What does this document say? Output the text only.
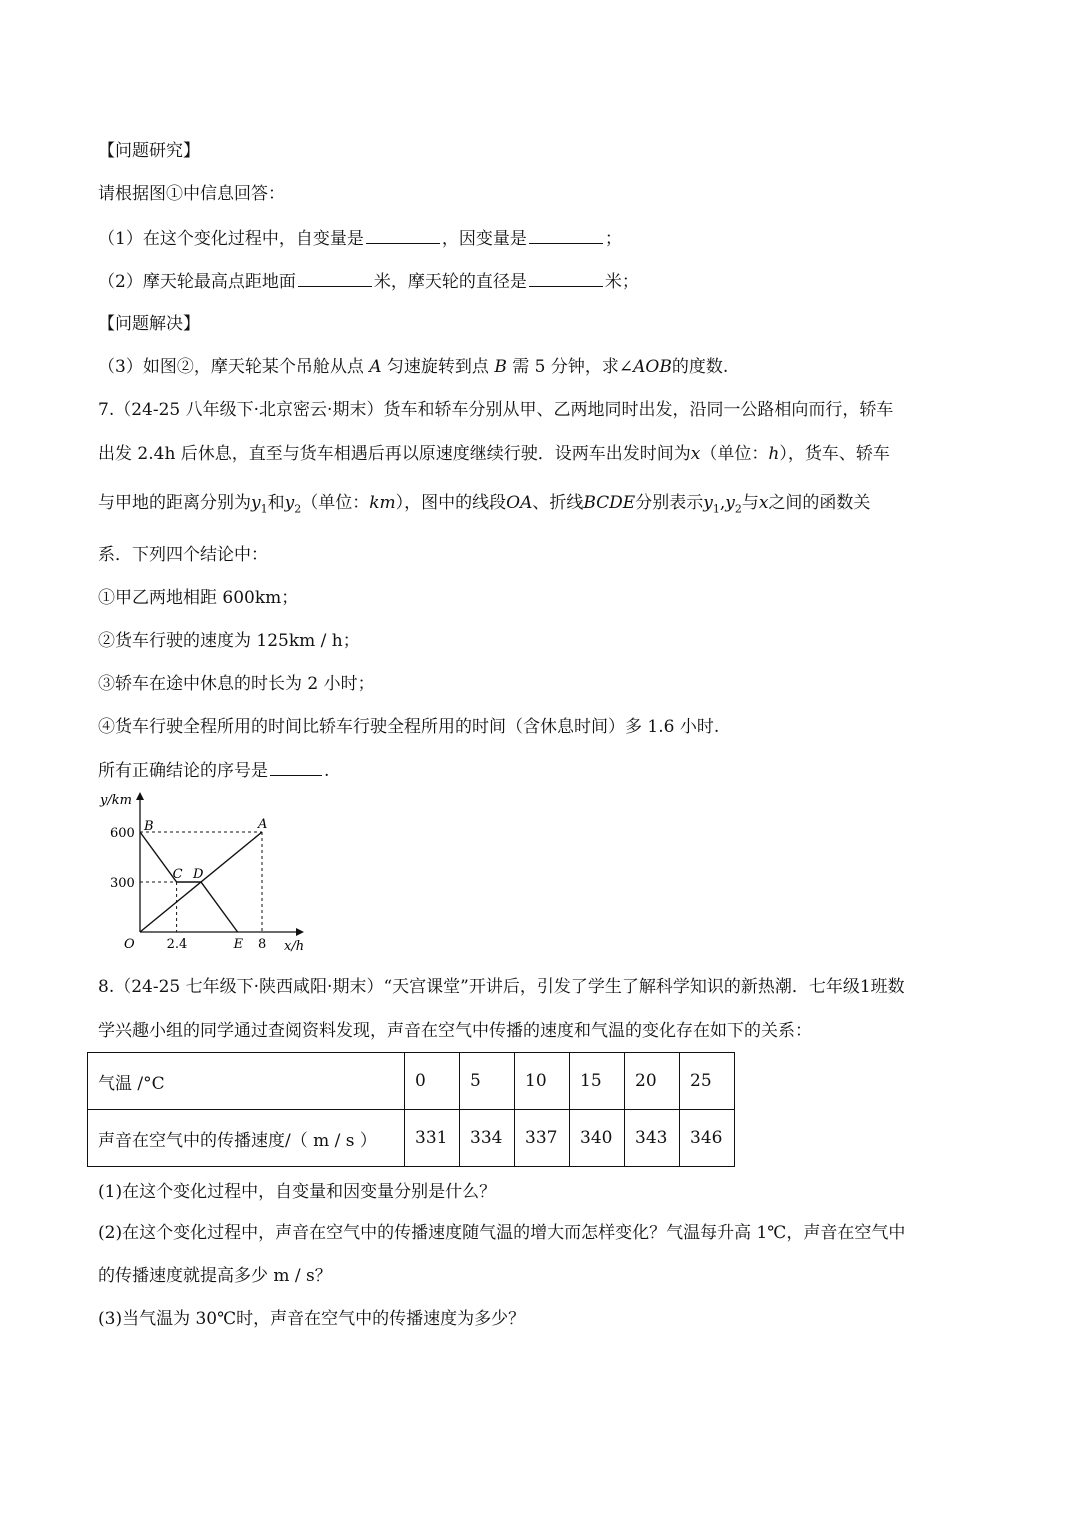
【问题研究】
请根据图①中信息回答：
（1）在这个变化过程中，自变量是	，因变量是	；
（2）摩天轮最高点距地面	米，摩天轮的直径是	米；
【问题解决】
（3）如图②，摩天轮某个吊舱从点 A 匀速旋转到点 B 需 5 分钟，求∠AOB的度数.
7.（24-25 八年级下·北京密云·期末）货车和轿车分别从甲、乙两地同时出发，沿同一公路相向而行，轿车
出发 2.4h 后休息，直至与货车相遇后再以原速度继续行驶．设两车出发时间为x（单位：h），货车、轿车
与甲地的距离分别为$y_1$和$y_2$（单位：km），图中的线段OA、折线BCDE分别表示$y_1,y_2$与x之间的函数关
系．下列四个结论中：
①甲乙两地相距 600km；
②货车行驶的速度为 125km / h；
③轿车在途中休息的时长为 2 小时；
④货车行驶全程所用的时间比轿车行驶全程所用的时间（含休息时间）多 1.6 小时.
所有正确结论的序号是	.
600
300
2.4	8
B	A
C D
E
y/km
x/h
O
8.（24-25 七年级下·陕西咸阳·期末）“天宫课堂”开讲后，引发了学生了解科学知识的新热潮．七年级1班数
学兴趣小组的同学通过查阅资料发现，声音在空气中传播的速度和气温的变化存在如下的关系：
气温 /°C	0	5	10	15	20	25
声音在空气中的传播速度/（ m / s ）	331	334	337	340	343	346
(1)在这个变化过程中，自变量和因变量分别是什么？
(2)在这个变化过程中，声音在空气中的传播速度随气温的增大而怎样变化？气温每升高 1℃，声音在空气中
的传播速度就提高多少 m / s？
(3)当气温为 30℃时，声音在空气中的传播速度为多少？
